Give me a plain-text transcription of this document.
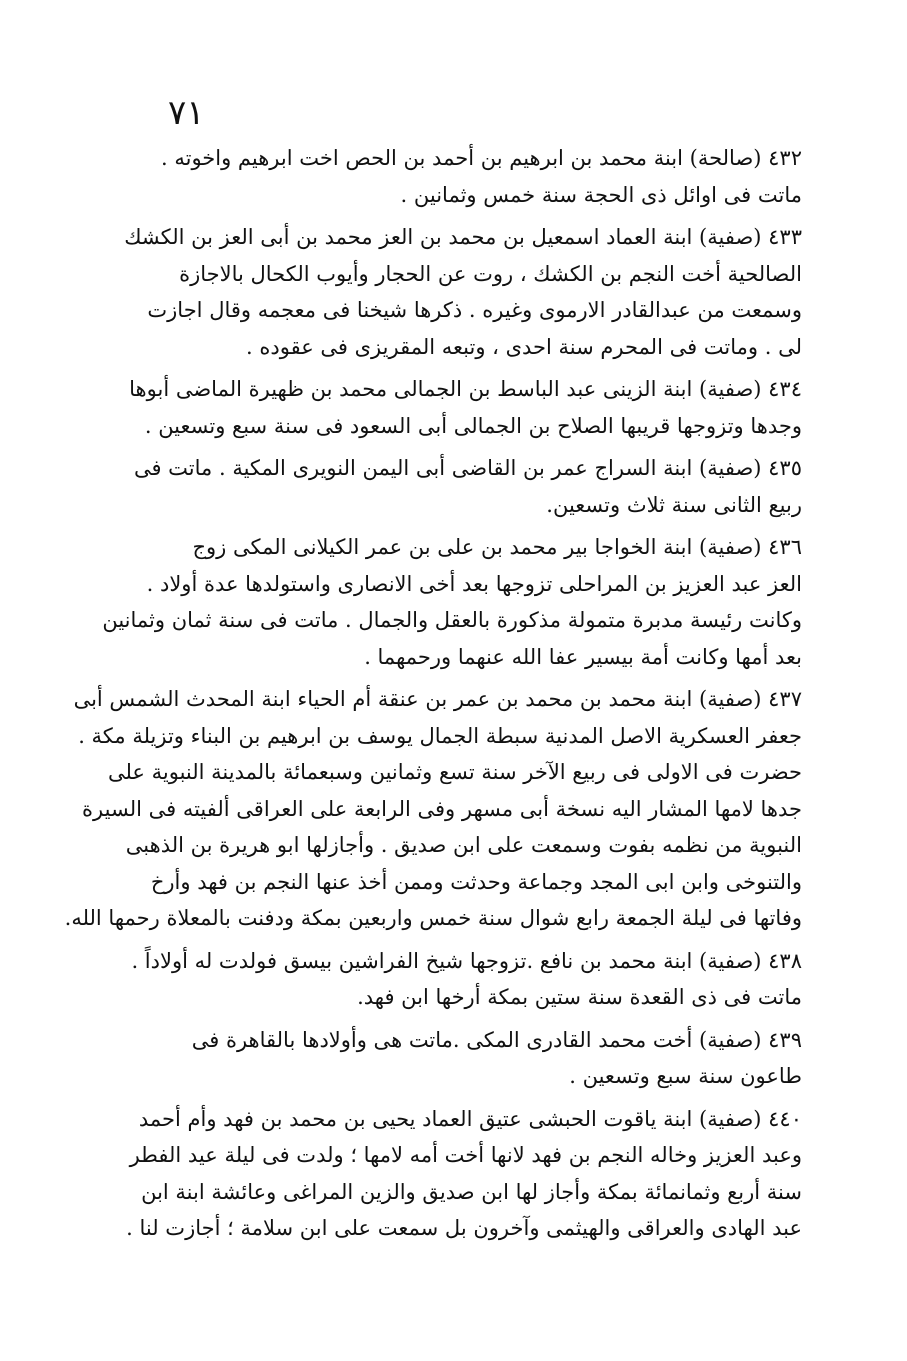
٧١

٤٣٢ (صالحة) ابنة محمد بن ابرهيم بن أحمد بن الحص اخت ابرهيم واخوته .
ماتت فى اوائل ذى الحجة سنة خمس وثمانين .

٤٣٣ (صفية) ابنة العماد اسمعيل بن محمد بن العز محمد بن أبى العز بن الكشك
الصالحية أخت النجم بن الكشك ، روت عن الحجار وأيوب الكحال بالاجازة
وسمعت من عبدالقادر الارموى وغيره . ذكرها شيخنا فى معجمه وقال اجازت
لى . وماتت فى المحرم سنة احدى ، وتبعه المقريزى فى عقوده .

٤٣٤ (صفية) ابنة الزينى عبد الباسط بن الجمالى محمد بن ظهيرة الماضى أبوها
وجدها وتزوجها قريبها الصلاح بن الجمالى أبى السعود فى سنة سبع وتسعين .

٤٣٥ (صفية) ابنة السراج عمر بن القاضى أبى اليمن النويرى المكية . ماتت فى
ربيع الثانى سنة ثلاث وتسعين.

٤٣٦ (صفية) ابنة الخواجا بير محمد بن على بن عمر الكيلانى المكى زوج
العز عبد العزيز بن المراحلى تزوجها بعد أخى الانصارى واستولدها عدة أولاد .
وكانت رئيسة مدبرة متمولة مذكورة بالعقل والجمال . ماتت فى سنة ثمان وثمانين
بعد أمها وكانت أمة بيسير عفا الله عنهما ورحمهما .

٤٣٧ (صفية) ابنة محمد بن محمد بن عمر بن عنقة أم الحياء ابنة المحدث الشمس أبى
جعفر العسكرية الاصل المدنية سبطة الجمال يوسف بن ابرهيم بن البناء وتزيلة مكة .
حضرت فى الاولى فى ربيع الآخر سنة تسع وثمانين وسبعمائة بالمدينة النبوية على
جدها لامها المشار اليه نسخة أبى مسهر وفى الرابعة على العراقى ألفيته فى السيرة
النبوية من نظمه بفوت وسمعت على ابن صديق . وأجازلها ابو هريرة بن الذهبى
والتنوخى وابن ابى المجد وجماعة وحدثت وممن أخذ عنها النجم بن فهد وأرخ
وفاتها فى ليلة الجمعة رابع شوال سنة خمس واربعين بمكة ودفنت بالمعلاة رحمها الله.

٤٣٨ (صفية) ابنة محمد بن نافع .تزوجها شيخ الفراشين بيسق فولدت له أولاداً .
ماتت فى ذى القعدة سنة ستين بمكة أرخها ابن فهد.

٤٣٩ (صفية) أخت محمد القادرى المكى .ماتت هى وأولادها بالقاهرة فى
طاعون سنة سبع وتسعين .

٤٤٠ (صفية) ابنة ياقوت الحبشى عتيق العماد يحيى بن محمد بن فهد وأم أحمد
وعبد العزيز وخاله النجم بن فهد لانها أخت أمه لامها ؛ ولدت فى ليلة عيد الفطر
سنة أربع وثمانمائة بمكة وأجاز لها ابن صديق والزين المراغى وعائشة ابنة ابن
عبد الهادى والعراقى والهيثمى وآخرون بل سمعت على ابن سلامة ؛ أجازت لنا .
